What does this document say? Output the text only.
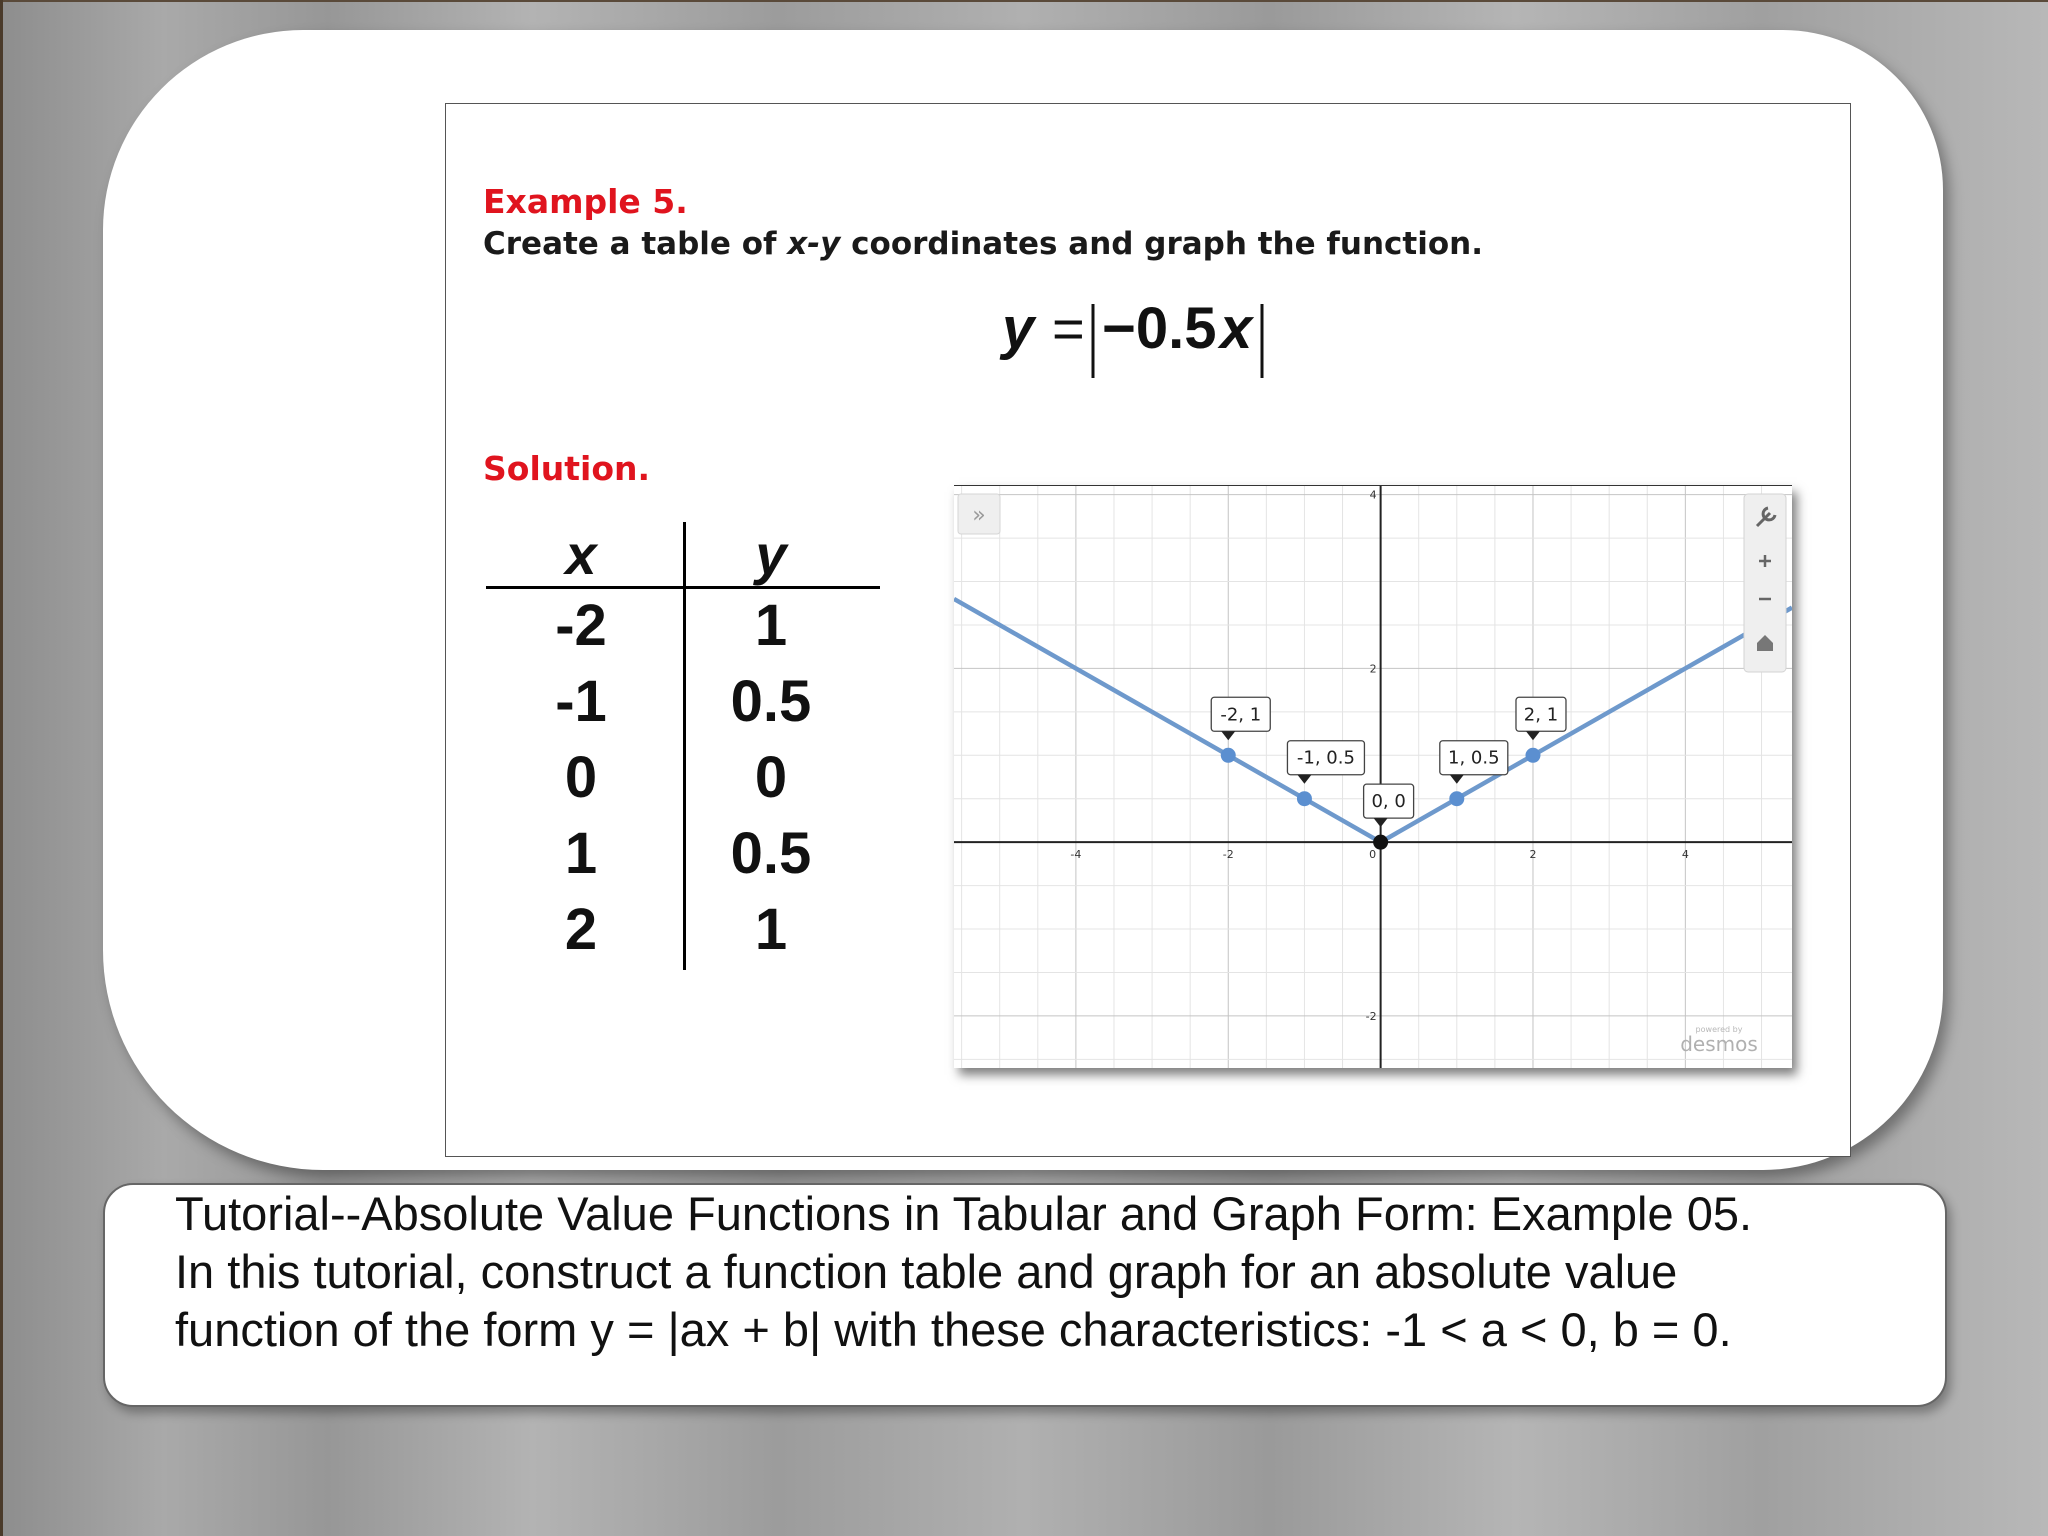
Example 5.

Create a table of x-y coordinates and graph the function.

y = −0.5 x

Solution.

x	y
-2	1
-1	0.5
0	0
1	0.5
2	1
-4	-2	0	2	4
-2
2
4
-2, 1
-1, 0.5
0, 0
1, 0.5
2, 1
»
powered by
desmos

Tutorial--Absolute Value Functions in Tabular and Graph Form: Example 05.
In this tutorial, construct a function table and graph for an absolute value
function of the form y = |ax + b| with these characteristics: -1 < a < 0, b = 0.
